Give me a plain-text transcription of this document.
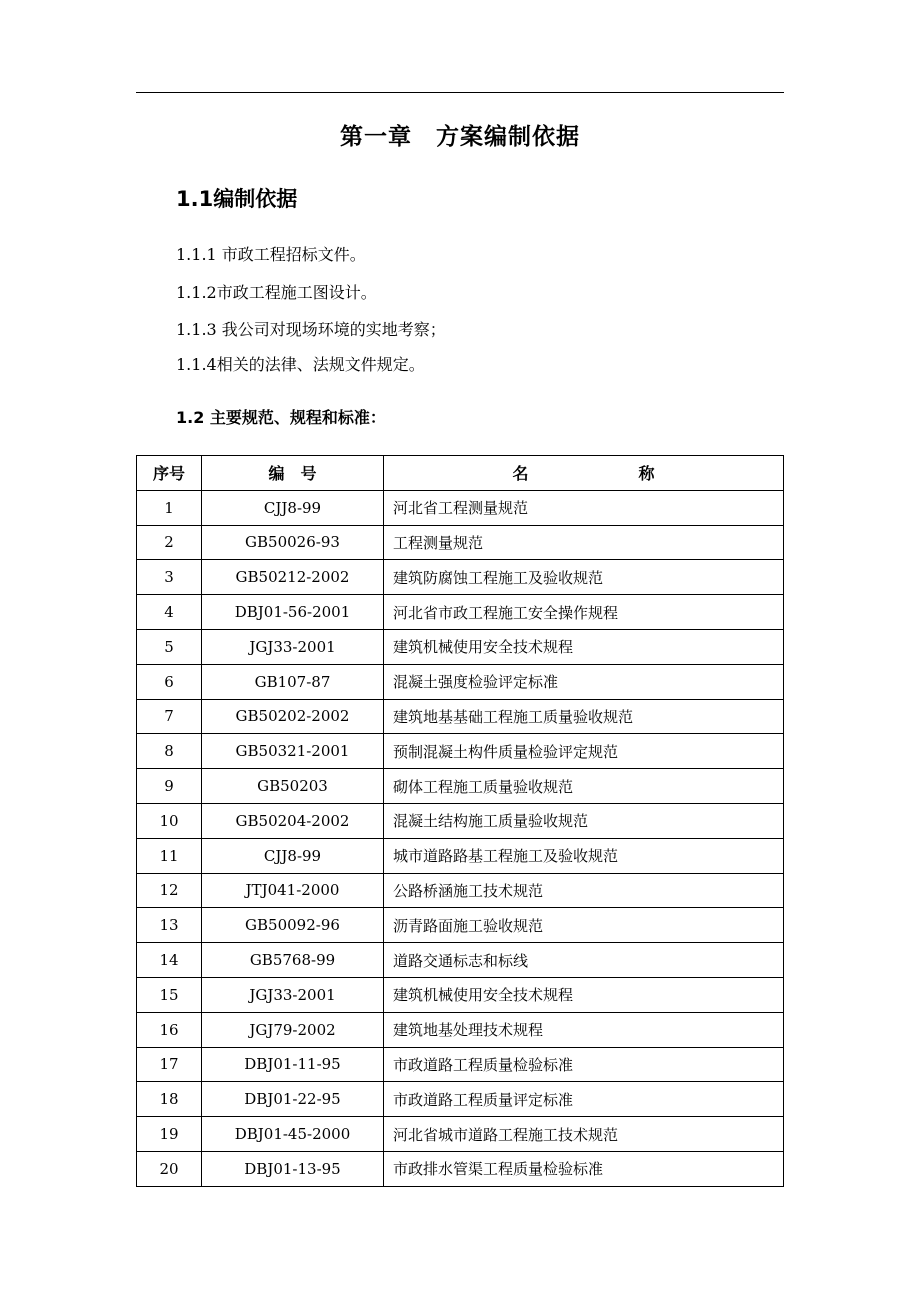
第一章　方案编制依据
1.1编制依据
1.1.1 市政工程招标文件。
1.1.2市政工程施工图设计。
1.1.3 我公司对现场环境的实地考察；
1.1.4相关的法律、法规文件规定。
1.2 主要规范、规程和标准：
序号	编　号	名 称
1	CJJ8-99	河北省工程测量规范
2	GB50026-93	工程测量规范
3	GB50212-2002	建筑防腐蚀工程施工及验收规范
4	DBJ01-56-2001	河北省市政工程施工安全操作规程
5	JGJ33-2001	建筑机械使用安全技术规程
6	GB107-87	混凝土强度检验评定标准
7	GB50202-2002	建筑地基基础工程施工质量验收规范
8	GB50321-2001	预制混凝土构件质量检验评定规范
9	GB50203	砌体工程施工质量验收规范
10	GB50204-2002	混凝土结构施工质量验收规范
11	CJJ8-99	城市道路路基工程施工及验收规范
12	JTJ041-2000	公路桥涵施工技术规范
13	GB50092-96	沥青路面施工验收规范
14	GB5768-99	道路交通标志和标线
15	JGJ33-2001	建筑机械使用安全技术规程
16	JGJ79-2002	建筑地基处理技术规程
17	DBJ01-11-95	市政道路工程质量检验标准
18	DBJ01-22-95	市政道路工程质量评定标准
19	DBJ01-45-2000	河北省城市道路工程施工技术规范
20	DBJ01-13-95	市政排水管渠工程质量检验标准
